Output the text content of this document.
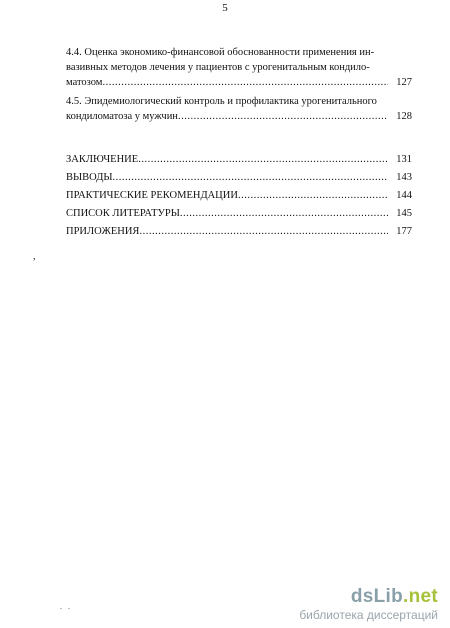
5
4.4. Оценка экономико-финансовой обоснованности применения ин-
вазивных методов лечения у пациентов с урогенитальным кондило-
матозом .....	127
4.5. Эпидемиологический контроль и профилактика урогенитального
кондиломатоза у мужчин .....	128
ЗАКЛЮЧЕНИЕ .....	131
ВЫВОДЫ .....	143
ПРАКТИЧЕСКИЕ РЕКОМЕНДАЦИИ .....	144
СПИСОК ЛИТЕРАТУРЫ .....	145
ПРИЛОЖЕНИЯ .....	177
,
. .	dsLib.net
библиотека диссертаций
